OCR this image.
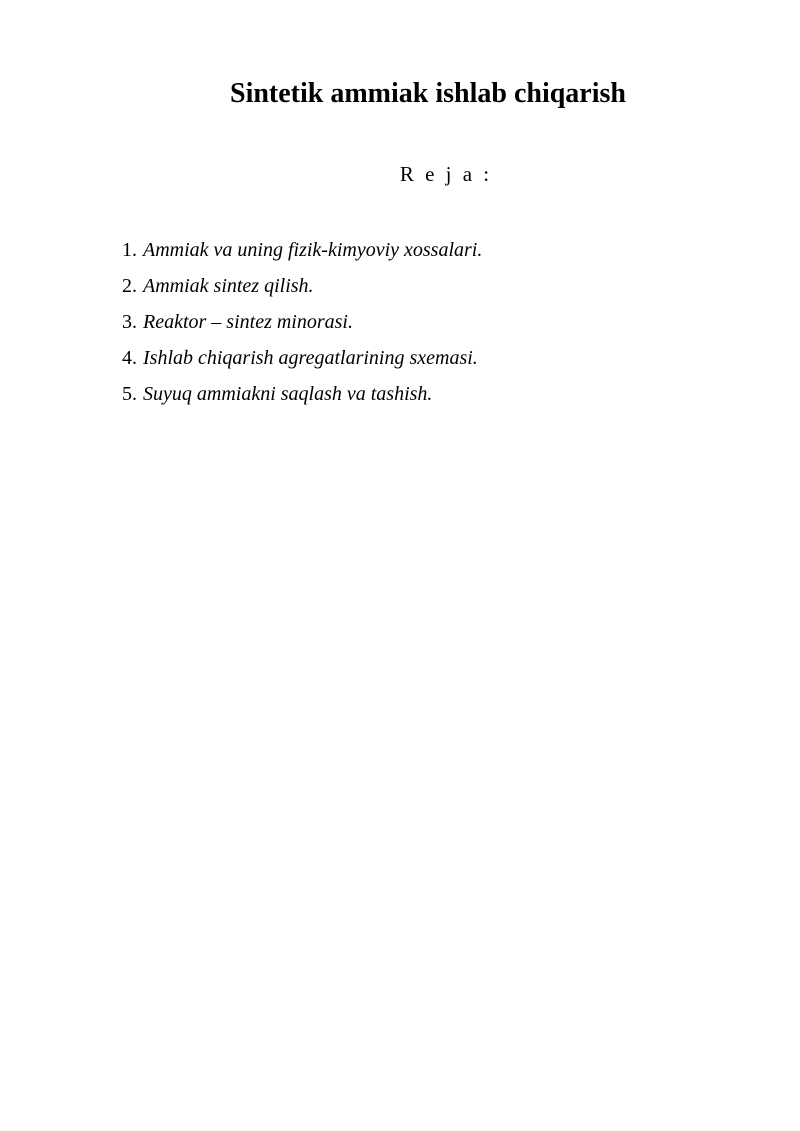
Sintetik ammiak ishlab chiqarish
R e j a :
1. Ammiak va uning fizik-kimyoviy xossalari.
2. Ammiak sintez qilish.
3. Reaktor – sintez minorasi.
4. Ishlab chiqarish agregatlarining sxemasi.
5. Suyuq ammiakni saqlash va tashish.
